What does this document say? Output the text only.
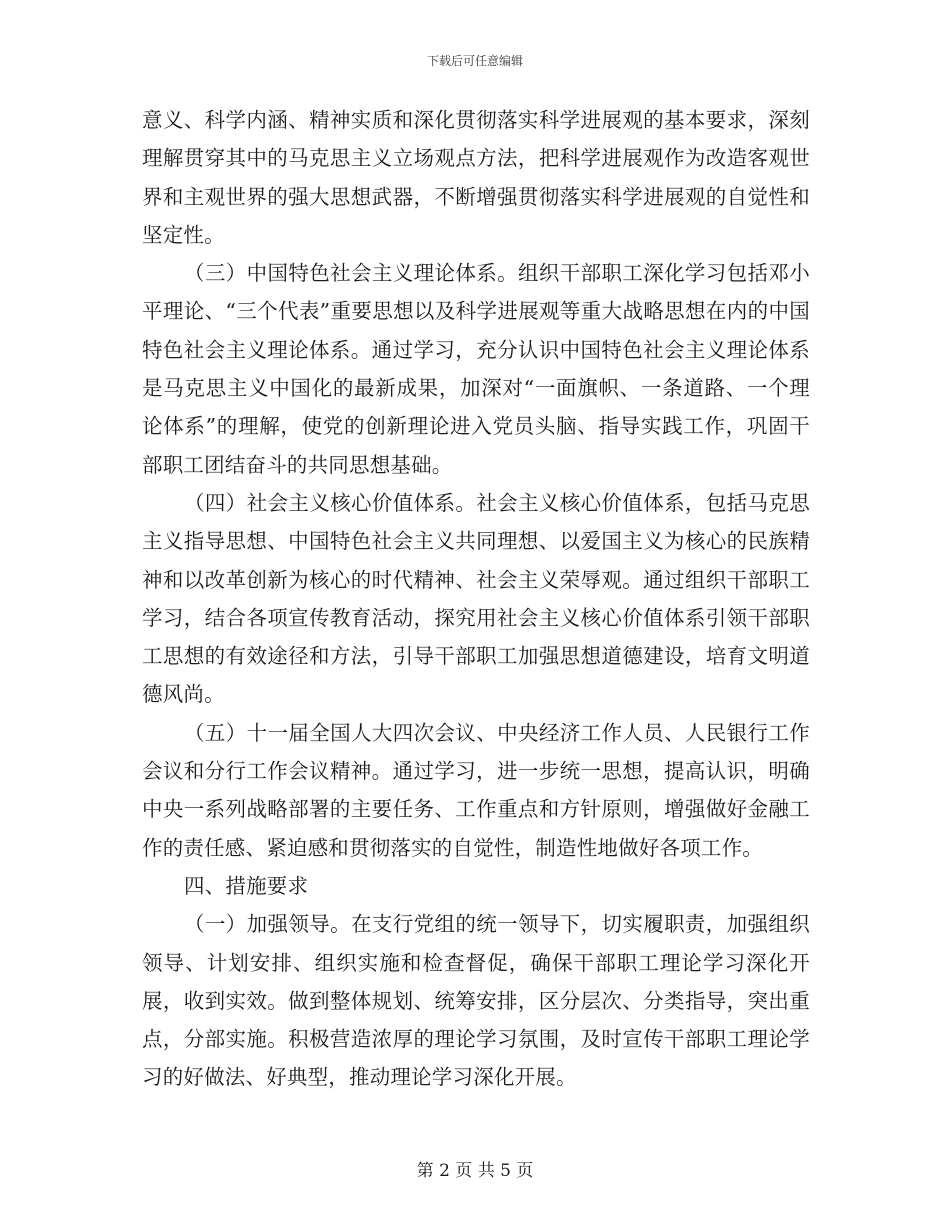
下载后可任意编辑

意义、科学内涵、精神实质和深化贯彻落实科学进展观的基本要求，深刻理解贯穿其中的马克思主义立场观点方法，把科学进展观作为改造客观世界和主观世界的强大思想武器，不断增强贯彻落实科学进展观的自觉性和坚定性。

（三）中国特色社会主义理论体系。组织干部职工深化学习包括邓小平理论、“三个代表”重要思想以及科学进展观等重大战略思想在内的中国特色社会主义理论体系。通过学习，充分认识中国特色社会主义理论体系是马克思主义中国化的最新成果，加深对“一面旗帜、一条道路、一个理论体系”的理解，使党的创新理论进入党员头脑、指导实践工作，巩固干部职工团结奋斗的共同思想基础。

（四）社会主义核心价值体系。社会主义核心价值体系，包括马克思主义指导思想、中国特色社会主义共同理想、以爱国主义为核心的民族精神和以改革创新为核心的时代精神、社会主义荣辱观。通过组织干部职工学习，结合各项宣传教育活动，探究用社会主义核心价值体系引领干部职工思想的有效途径和方法，引导干部职工加强思想道德建设，培育文明道德风尚。

（五）十一届全国人大四次会议、中央经济工作人员、人民银行工作会议和分行工作会议精神。通过学习，进一步统一思想，提高认识，明确中央一系列战略部署的主要任务、工作重点和方针原则，增强做好金融工作的责任感、紧迫感和贯彻落实的自觉性，制造性地做好各项工作。

四、措施要求

（一）加强领导。在支行党组的统一领导下，切实履职责，加强组织领导、计划安排、组织实施和检查督促，确保干部职工理论学习深化开展，收到实效。做到整体规划、统筹安排，区分层次、分类指导，突出重点，分部实施。积极营造浓厚的理论学习氛围，及时宣传干部职工理论学习的好做法、好典型，推动理论学习深化开展。

第 2 页 共 5 页
